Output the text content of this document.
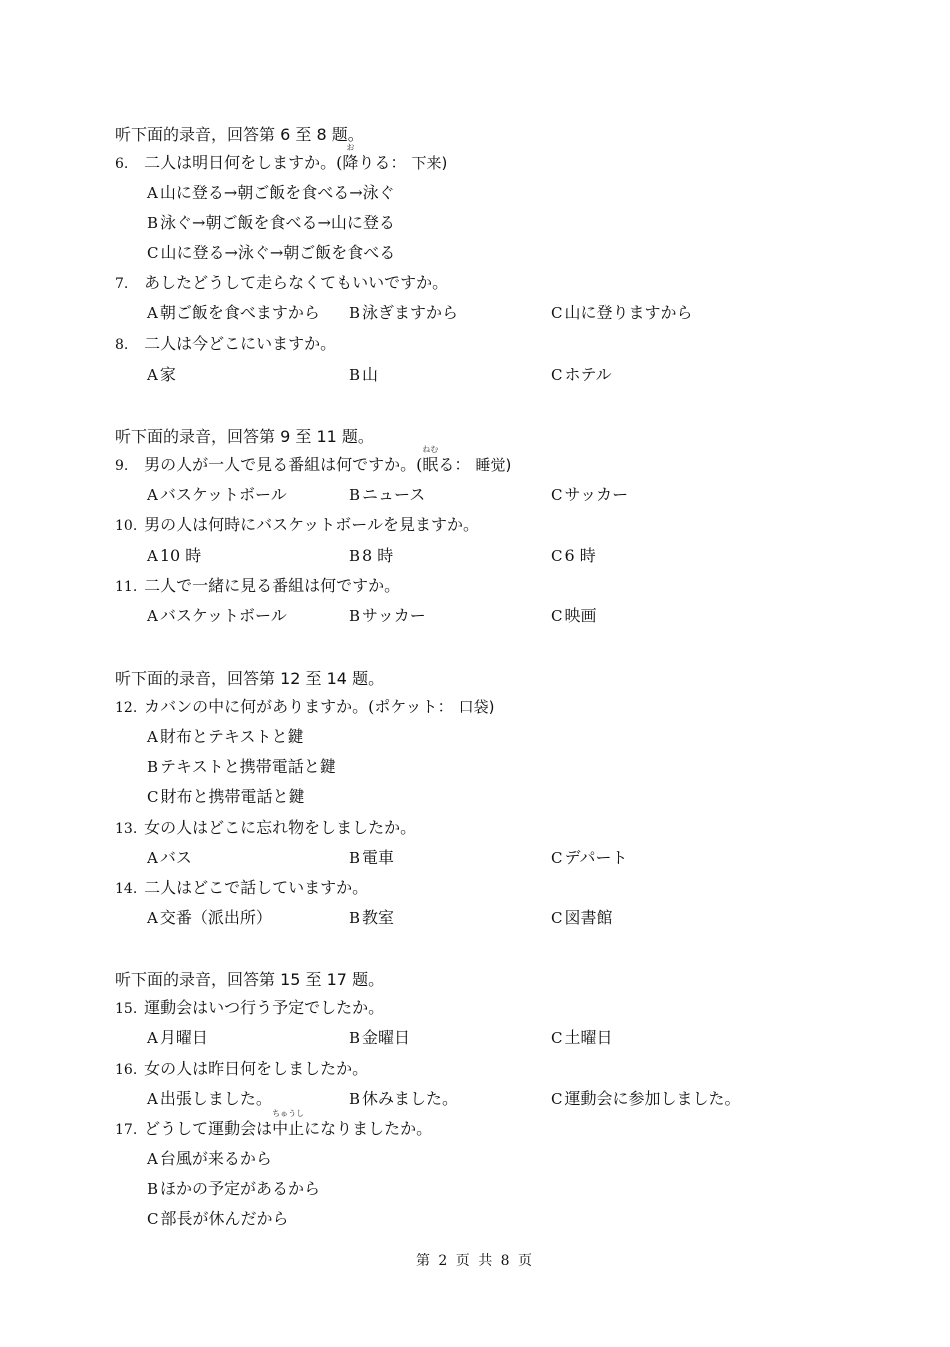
听下面的录音，回答第 6 至 8 题。
6. 二人は明日何をしますか。(
お
降りる： 下来)
A 山に登る→朝ご飯を食べる→泳ぐ
B 泳ぐ→朝ご飯を食べる→山に登る
C 山に登る→泳ぐ→朝ご飯を食べる
7. あしたどうして走らなくてもいいですか。
A 朝ご飯を食べますから B 泳ぎますから	C 山に登りますから
8. 二人は今どこにいますか。
A 家	B 山	C ホテル
听下面的录音，回答第 9 至 11 题。
9. 男の人が一人で見る番組は何ですか。(
ねむ
眠る： 睡觉)
A バスケットボール	B ニュース	C サッカー
10. 男の人は何時にバスケットボールを見ますか。
A 10 時	B 8 時	C 6 時
11. 二人で一緒に見る番組は何ですか。
A バスケットボール	B サッカー	C 映画
听下面的录音，回答第 12 至 14 题。
12. カバンの中に何がありますか。(ポケット： 口袋)
A 財布とテキストと鍵
B テキストと携帯電話と鍵
C 財布と携帯電話と鍵
13. 女の人はどこに忘れ物をしましたか。
A バス	B 電車	C デパート
14. 二人はどこで話していますか。
A 交番（派出所）	B 教室	C 図書館
听下面的录音，回答第 15 至 17 题。
15. 運動会はいつ行う予定でしたか。
A 月曜日	B 金曜日	C 土曜日
16. 女の人は昨日何をしましたか。
A 出張しました。	B 休みました。	C 運動会に参加しました。
17. どうして運動会は
ちゅうし
中止になりましたか。
A 台風が来るから
B ほかの予定があるから
C 部長が休んだから
第 2 页 共 8 页
